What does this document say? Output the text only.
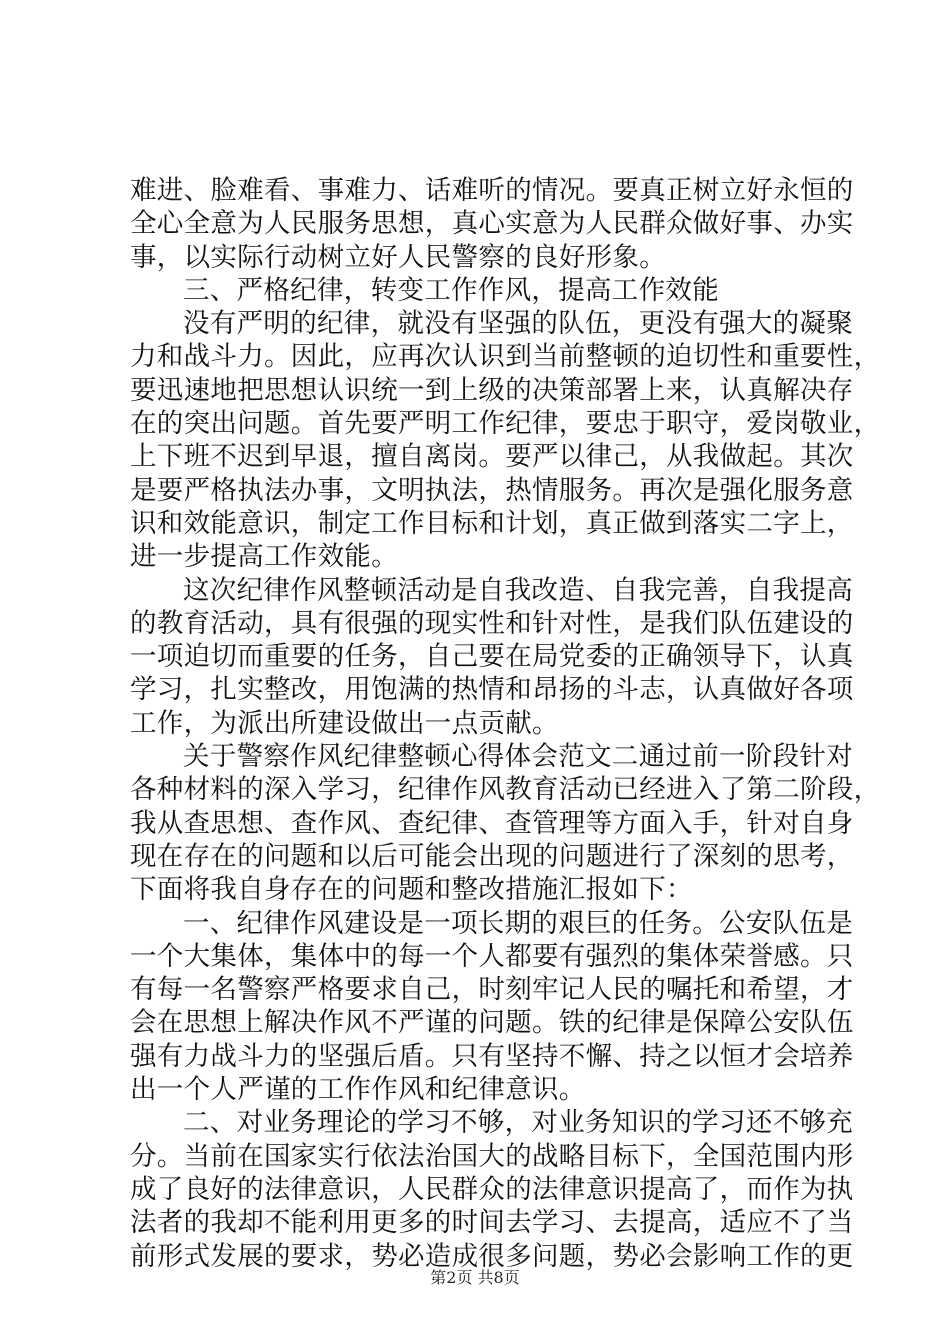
难进、脸难看、事难力、话难听的情况。要真正树立好永恒的
全心全意为人民服务思想，真心实意为人民群众做好事、办实
事，以实际行动树立好人民警察的良好形象。
三、严格纪律，转变工作作风，提高工作效能
没有严明的纪律，就没有坚强的队伍，更没有强大的凝聚
力和战斗力。因此，应再次认识到当前整顿的迫切性和重要性，
要迅速地把思想认识统一到上级的决策部署上来，认真解决存
在的突出问题。首先要严明工作纪律，要忠于职守，爱岗敬业，
上下班不迟到早退，擅自离岗。要严以律己，从我做起。其次
是要严格执法办事，文明执法，热情服务。再次是强化服务意
识和效能意识，制定工作目标和计划，真正做到落实二字上，
进一步提高工作效能。
这次纪律作风整顿活动是自我改造、自我完善，自我提高
的教育活动，具有很强的现实性和针对性，是我们队伍建设的
一项迫切而重要的任务，自己要在局党委的正确领导下，认真
学习，扎实整改，用饱满的热情和昂扬的斗志，认真做好各项
工作，为派出所建设做出一点贡献。
关于警察作风纪律整顿心得体会范文二通过前一阶段针对
各种材料的深入学习，纪律作风教育活动已经进入了第二阶段，
我从查思想、查作风、查纪律、查管理等方面入手，针对自身
现在存在的问题和以后可能会出现的问题进行了深刻的思考，
下面将我自身存在的问题和整改措施汇报如下：
一、纪律作风建设是一项长期的艰巨的任务。公安队伍是
一个大集体，集体中的每一个人都要有强烈的集体荣誉感。只
有每一名警察严格要求自己，时刻牢记人民的嘱托和希望，才
会在思想上解决作风不严谨的问题。铁的纪律是保障公安队伍
强有力战斗力的坚强后盾。只有坚持不懈、持之以恒才会培养
出一个人严谨的工作作风和纪律意识。
二、对业务理论的学习不够，对业务知识的学习还不够充
分。当前在国家实行依法治国大的战略目标下，全国范围内形
成了良好的法律意识，人民群众的法律意识提高了，而作为执
法者的我却不能利用更多的时间去学习、去提高，适应不了当
前形式发展的要求，势必造成很多问题，势必会影响工作的更
第2页 共8页
